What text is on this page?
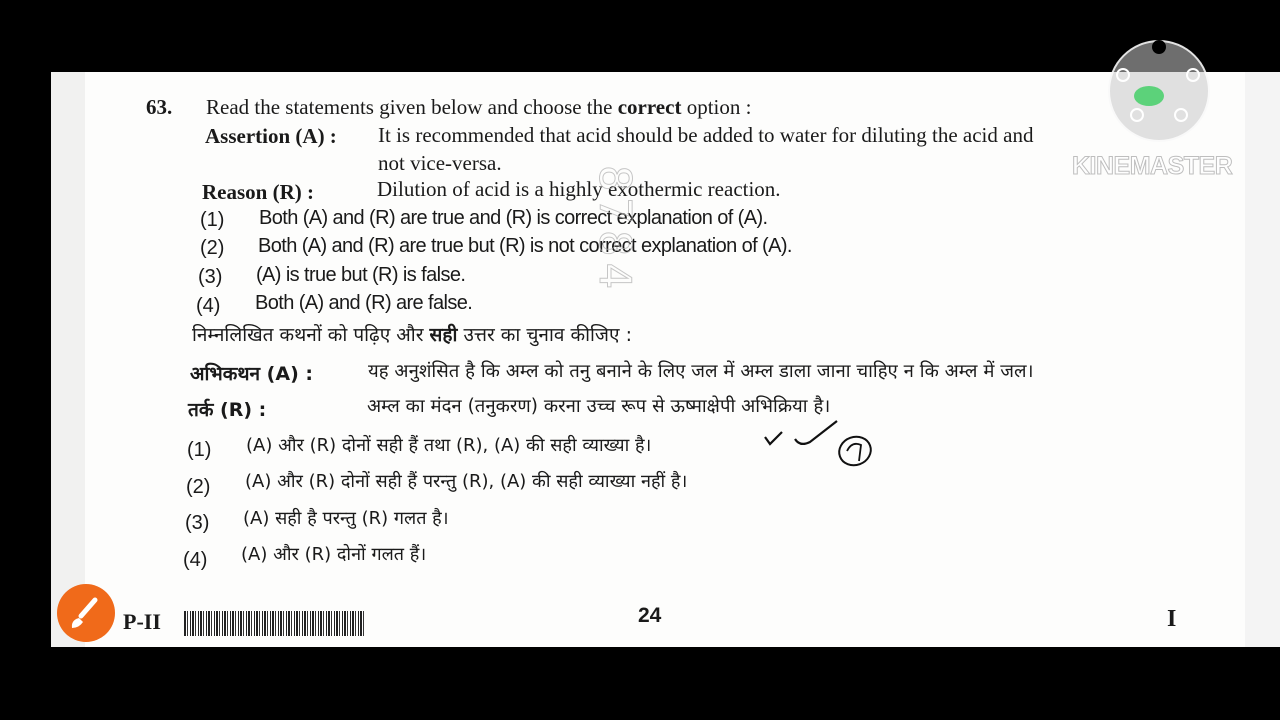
63. Read the statements given below and choose the correct option :
Assertion (A) : It is recommended that acid should be added to water for diluting the acid and
not vice-versa.
Reason (R) :	Dilution of acid is a highly exothermic reaction.
(1) Both (A) and (R) are true and (R) is correct explanation of (A).
(2) Both (A) and (R) are true but (R) is not correct explanation of (A).
(3) (A) is true but (R) is false.
(4) Both (A) and (R) are false.
निम्नलिखित कथनों को पढ़िए और सही उत्तर का चुनाव कीजिए :
अभिकथन (A) :	यह अनुशंसित है कि अम्ल को तनु बनाने के लिए जल में अम्ल डाला जाना चाहिए न कि अम्ल में जल।
तर्क (R) :	अम्ल का मंदन (तनुकरण) करना उच्च रूप से ऊष्माक्षेपी अभिक्रिया है।
(1) (A) और (R) दोनों सही हैं तथा (R), (A) की सही व्याख्या है।
(2) (A) और (R) दोनों सही हैं परन्तु (R), (A) की सही व्याख्या नहीं है।
(3) (A) सही है परन्तु (R) गलत है।
(4) (A) और (R) दोनों गलत हैं।
8784
P-II	24	I
KINEMASTER
